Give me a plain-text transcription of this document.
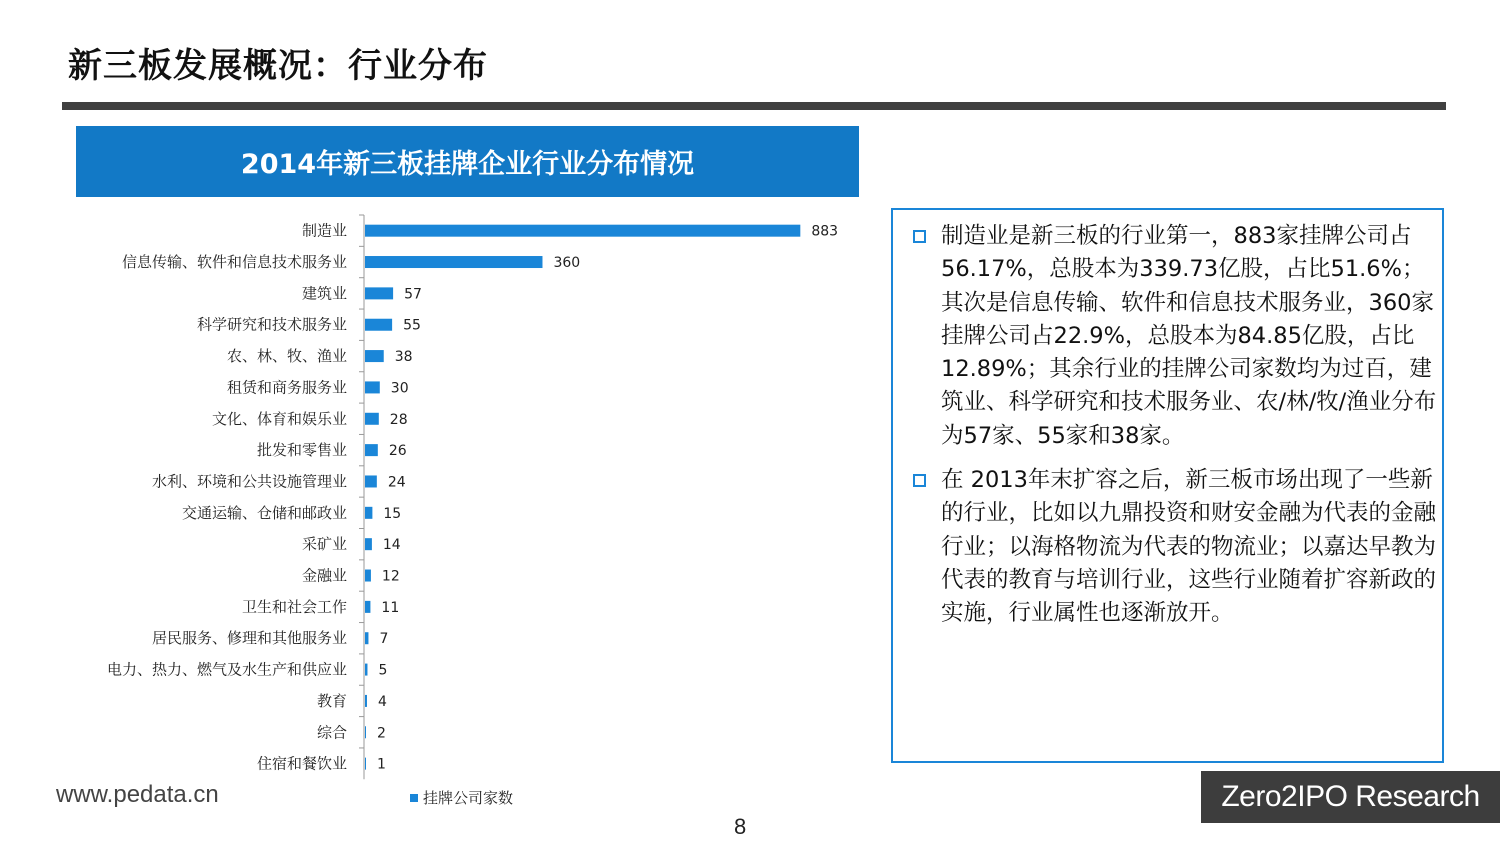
新三板发展概况：行业分布
2014年新三板挂牌企业行业分布情况
制造业	883
信息传输、软件和信息技术服务业	360
建筑业	57
科学研究和技术服务业	55
农、林、牧、渔业	38
租赁和商务服务业	30
文化、体育和娱乐业	28
批发和零售业	26
水利、环境和公共设施管理业	24
交通运输、仓储和邮政业	15
采矿业	14
金融业 12
卫生和社会工作 11
居民服务、修理和其他服务业 7
电力、热力、燃气及水生产和供应业 5
教育 4
综合 2
住宿和餐饮业 1
挂牌公司家数
制造业是新三板的行业第一，883家挂牌公司占56.17%，总股本为339.73亿股，占比51.6%；其次是信息传输、软件和信息技术服务业，360家挂牌公司占22.9%，总股本为84.85亿股，占比12.89%；其余行业的挂牌公司家数均为过百，建筑业、科学研究和技术服务业、农/林/牧/渔业分布为57家、55家和38家。
在 2013年末扩容之后，新三板市场出现了一些新的行业，比如以九鼎投资和财安金融为代表的金融行业；以海格物流为代表的物流业；以嘉达早教为代表的教育与培训行业，这些行业随着扩容新政的实施，行业属性也逐渐放开。
www.pedata.cn
8
Zero2IPO Research
